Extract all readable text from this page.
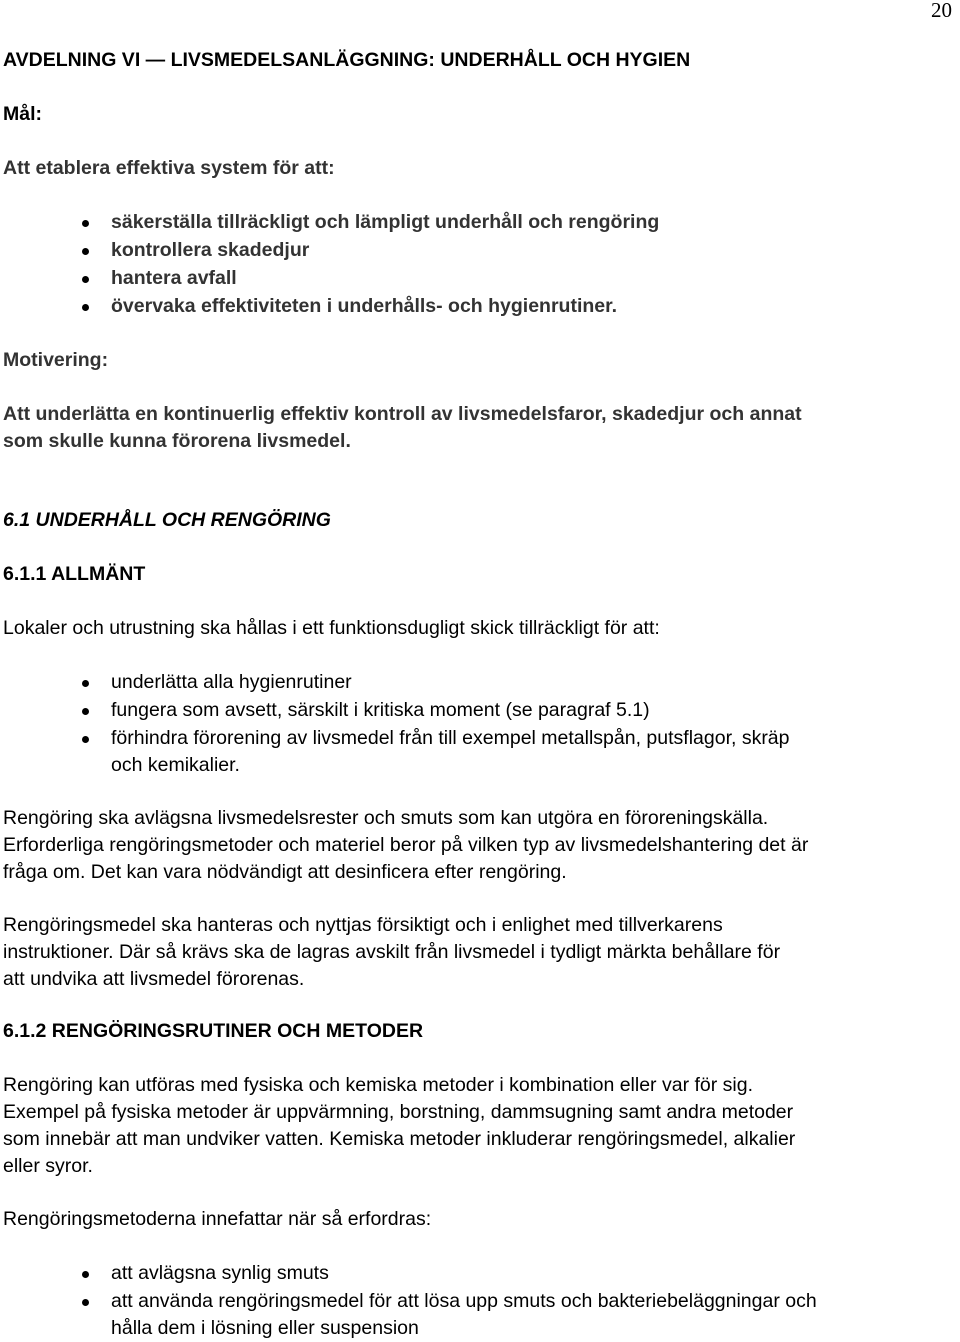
20
AVDELNING VI — LIVSMEDELSANLÄGGNING: UNDERHÅLL OCH HYGIEN
Mål:
Att etablera effektiva system för att:
säkerställa tillräckligt och lämpligt underhåll och rengöring
kontrollera skadedjur
hantera avfall
övervaka effektiviteten i underhålls- och hygienrutiner.
Motivering:
Att underlätta en kontinuerlig effektiv kontroll av livsmedelsfaror, skadedjur och annat
som skulle kunna förorena livsmedel.
6.1 UNDERHÅLL OCH RENGÖRING
6.1.1 ALLMÄNT
Lokaler och utrustning ska hållas i ett funktionsdugligt skick tillräckligt för att:
underlätta alla hygienrutiner
fungera som avsett, särskilt i kritiska moment (se paragraf 5.1)
förhindra förorening av livsmedel från till exempel metallspån, putsflagor, skräp
och kemikalier.
Rengöring ska avlägsna livsmedelsrester och smuts som kan utgöra en föroreningskälla.
Erforderliga rengöringsmetoder och materiel beror på vilken typ av livsmedelshantering det är
fråga om. Det kan vara nödvändigt att desinficera efter rengöring.
Rengöringsmedel ska hanteras och nyttjas försiktigt och i enlighet med tillverkarens
instruktioner. Där så krävs ska de lagras avskilt från livsmedel i tydligt märkta behållare för
att undvika att livsmedel förorenas.
6.1.2 RENGÖRINGSRUTINER OCH METODER
Rengöring kan utföras med fysiska och kemiska metoder i kombination eller var för sig.
Exempel på fysiska metoder är uppvärmning, borstning, dammsugning samt andra metoder
som innebär att man undviker vatten. Kemiska metoder inkluderar rengöringsmedel, alkalier
eller syror.
Rengöringsmetoderna innefattar när så erfordras:
att avlägsna synlig smuts
att använda rengöringsmedel för att lösa upp smuts och bakteriebeläggningar och
hålla dem i lösning eller suspension
